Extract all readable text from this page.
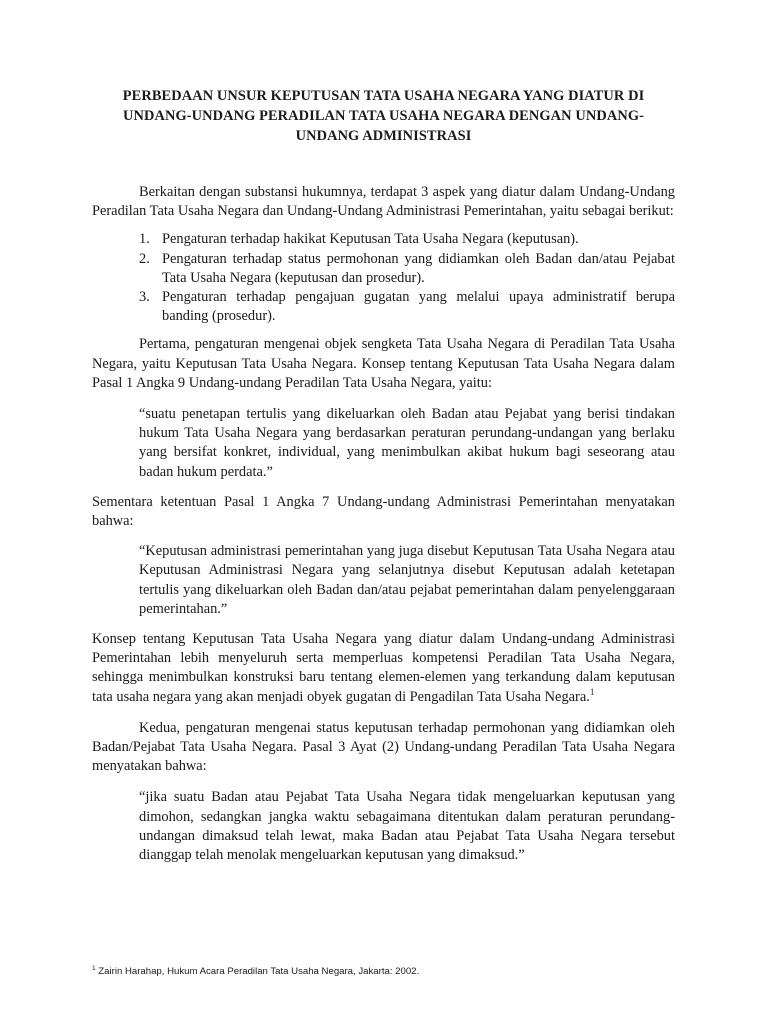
PERBEDAAN UNSUR KEPUTUSAN TATA USAHA NEGARA YANG DIATUR DI UNDANG-UNDANG PERADILAN TATA USAHA NEGARA DENGAN UNDANG-UNDANG ADMINISTRASI

Berkaitan dengan substansi hukumnya, terdapat 3 aspek yang diatur dalam Undang-Undang Peradilan Tata Usaha Negara dan Undang-Undang Administrasi Pemerintahan, yaitu sebagai berikut:

1. Pengaturan terhadap hakikat Keputusan Tata Usaha Negara (keputusan).
2. Pengaturan terhadap status permohonan yang didiamkan oleh Badan dan/atau Pejabat Tata Usaha Negara (keputusan dan prosedur).
3. Pengaturan terhadap pengajuan gugatan yang melalui upaya administratif berupa banding (prosedur).

Pertama, pengaturan mengenai objek sengketa Tata Usaha Negara di Peradilan Tata Usaha Negara, yaitu Keputusan Tata Usaha Negara. Konsep tentang Keputusan Tata Usaha Negara dalam Pasal 1 Angka 9 Undang-undang Peradilan Tata Usaha Negara, yaitu:

“suatu penetapan tertulis yang dikeluarkan oleh Badan atau Pejabat yang berisi tindakan hukum Tata Usaha Negara yang berdasarkan peraturan perundang-undangan yang berlaku yang bersifat konkret, individual, yang menimbulkan akibat hukum bagi seseorang atau badan hukum perdata.”

Sementara ketentuan Pasal 1 Angka 7 Undang-undang Administrasi Pemerintahan menyatakan bahwa:

“Keputusan administrasi pemerintahan yang juga disebut Keputusan Tata Usaha Negara atau Keputusan Administrasi Negara yang selanjutnya disebut Keputusan adalah ketetapan tertulis yang dikeluarkan oleh Badan dan/atau pejabat pemerintahan dalam penyelenggaraan pemerintahan.”

Konsep tentang Keputusan Tata Usaha Negara yang diatur dalam Undang-undang Administrasi Pemerintahan lebih menyeluruh serta memperluas kompetensi Peradilan Tata Usaha Negara, sehingga menimbulkan konstruksi baru tentang elemen-elemen yang terkandung dalam keputusan tata usaha negara yang akan menjadi obyek gugatan di Pengadilan Tata Usaha Negara.$^1$

Kedua, pengaturan mengenai status keputusan terhadap permohonan yang didiamkan oleh Badan/Pejabat Tata Usaha Negara. Pasal 3 Ayat (2) Undang-undang Peradilan Tata Usaha Negara menyatakan bahwa:

“jika suatu Badan atau Pejabat Tata Usaha Negara tidak mengeluarkan keputusan yang dimohon, sedangkan jangka waktu sebagaimana ditentukan dalam peraturan perundang-undangan dimaksud telah lewat, maka Badan atau Pejabat Tata Usaha Negara tersebut dianggap telah menolak mengeluarkan keputusan yang dimaksud.”

$^1$ Zairin Harahap, Hukum Acara Peradilan Tata Usaha Negara, Jakarta: 2002.
